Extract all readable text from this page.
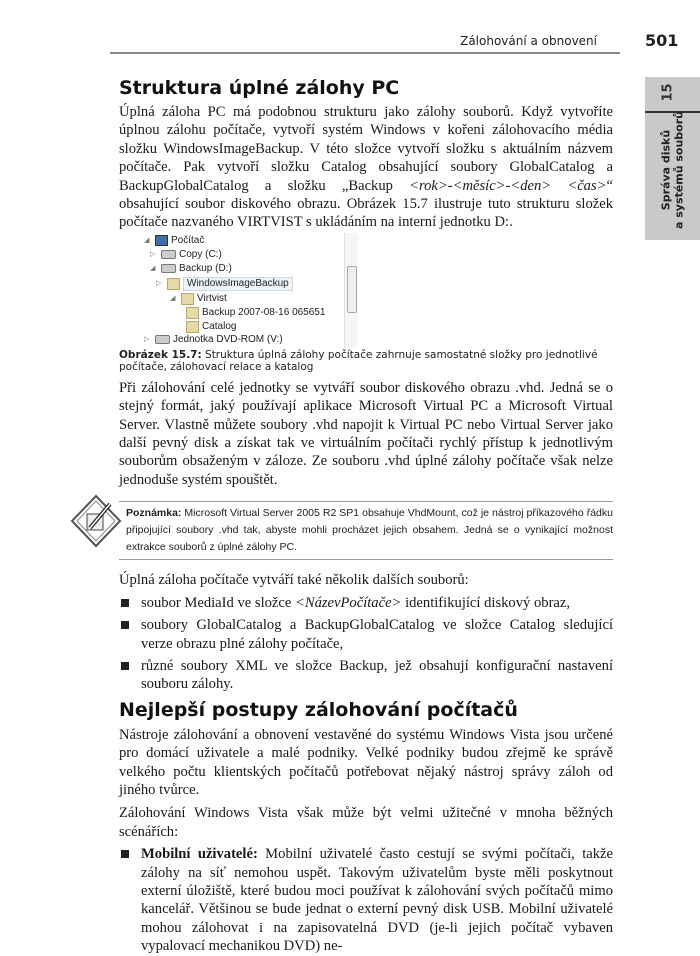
Zálohování a obnovení	501
15
Správa disků a systémů souborů
Struktura úplné zálohy PC

Úplná záloha PC má podobnou strukturu jako zálohy souborů. Když vytvoříte úplnou zálohu počítače, vytvoří systém Windows v kořeni zálohovacího média složku WindowsImageBackup. V této složce vytvoří složku s aktuálním názvem počítače. Pak vytvoří složku Catalog obsahující soubory GlobalCatalog a BackupGlobalCatalog a složku „Backup <rok>-<měsíc>-<den> <čas>“ obsahující soubor diskového obrazu. Obrázek 15.7 ilustruje tuto strukturu složek počítače nazvaného VIRTVIST s ukládáním na interní jednotku D:.

◢ Počítač
▷ Copy (C:)
◢ Backup (D:)
▷	WindowsImageBackup
◢ Virtvist
Backup 2007-08-16 065651
Catalog
▷ Jednotka DVD-ROM (V:)
Obrázek 15.7: Struktura úplná zálohy počítače zahrnuje samostatné složky pro jednotlivé počítače, zálohovací relace a katalog

Při zálohování celé jednotky se vytváří soubor diskového obrazu .vhd. Jedná se o stejný formát, jaký používají aplikace Microsoft Virtual PC a Microsoft Virtual Server. Vlastně můžete soubory .vhd napojit k Virtual PC nebo Virtual Server jako další pevný disk a získat tak ve virtuálním počítači rychlý přístup k jednotlivým souborům obsaženým v záloze. Ze souboru .vhd úplné zálohy počítače však nelze jednoduše systém spouštět.

Poznámka: Microsoft Virtual Server 2005 R2 SP1 obsahuje VhdMount, což je nástroj příkazového řádku připojující soubory .vhd tak, abyste mohli procházet jejich obsahem. Jedná se o vynikající možnost extrakce souborů z úplné zálohy PC.

Úplná záloha počítače vytváří také několik dalších souborů:

soubor MediaId ve složce <NázevPočítače> identifikující diskový obraz,
soubory GlobalCatalog a BackupGlobalCatalog ve složce Catalog sledující verze obrazu plné zálohy počítače,
různé soubory XML ve složce Backup, jež obsahují konfigurační nastavení souboru zálohy.
Nejlepší postupy zálohování počítačů

Nástroje zálohování a obnovení vestavěné do systému Windows Vista jsou určené pro domácí uživatele a malé podniky. Velké podniky budou zřejmě ke správě velkého počtu klientských počítačů potřebovat nějaký nástroj správy záloh od jiného tvůrce.

Zálohování Windows Vista však může být velmi užitečné v mnoha běžných scénářích:

Mobilní uživatelé: Mobilní uživatelé často cestují se svými počítači, takže zálohy na síť nemohou uspět. Takovým uživatelům byste měli poskytnout externí úložiště, které budou moci používat k zálohování svých počítačů mimo kancelář. Většinou se bude jednat o externí pevný disk USB. Mobilní uživatelé mohou zálohovat i na zapisovatelná DVD (je-li jejich počítač vybaven vypalovací mechanikou DVD) ne-
